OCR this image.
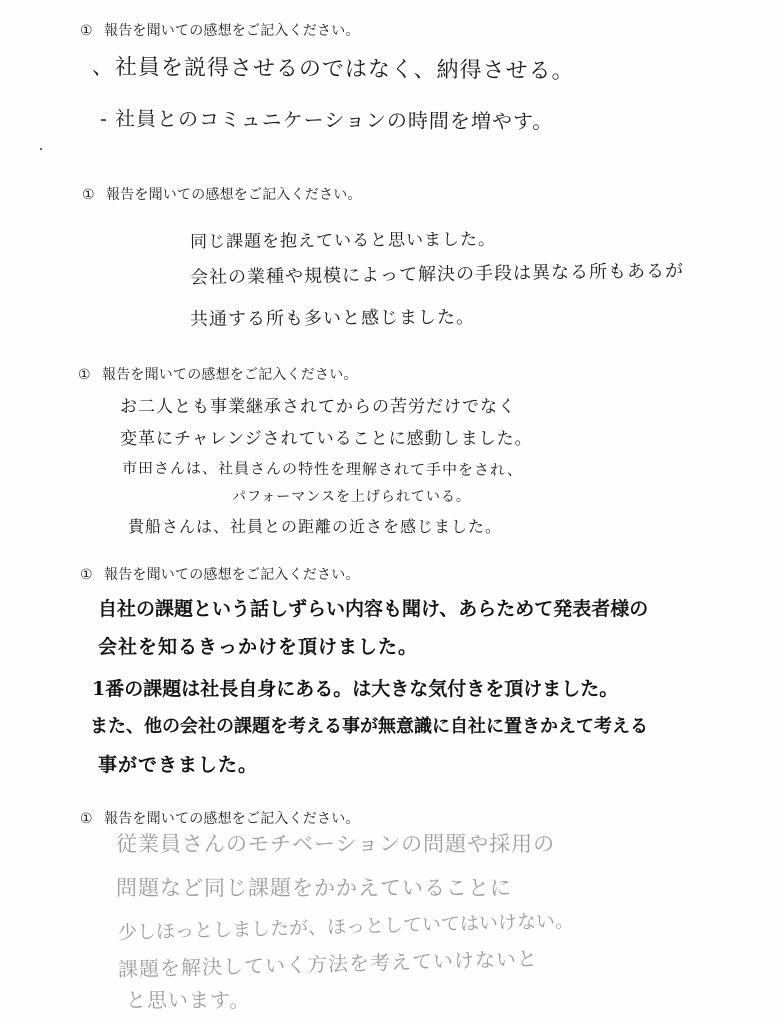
① 報告を聞いての感想をご記入ください。
、社員を説得させるのではなく、納得させる。
- 社員とのコミュニケーションの時間を増やす。
① 報告を聞いての感想をご記入ください。
同じ課題を抱えていると思いました。
会社の業種や規模によって解決の手段は異なる所もあるが
共通する所も多いと感じました。
① 報告を聞いての感想をご記入ください。
お二人とも事業継承されてからの苦労だけでなく
変革にチャレンジされていることに感動しました。
市田さんは、社員さんの特性を理解されて手中をされ、
パフォーマンスを上げられている。
貴船さんは、社員との距離の近さを感じました。
① 報告を聞いての感想をご記入ください。
自社の課題という話しずらい内容も聞け、あらためて発表者様の
会社を知るきっかけを頂けました。
1番の課題は社長自身にある。は大きな気付きを頂けました。
また、他の会社の課題を考える事が無意識に自社に置きかえて考える
事ができました。
① 報告を聞いての感想をご記入ください。
従業員さんのモチベーションの問題や採用の
問題など同じ課題をかかえていることに
少しほっとしましたが、ほっとしていてはいけない。
課題を解決していく方法を考えていけないと
と思います。
